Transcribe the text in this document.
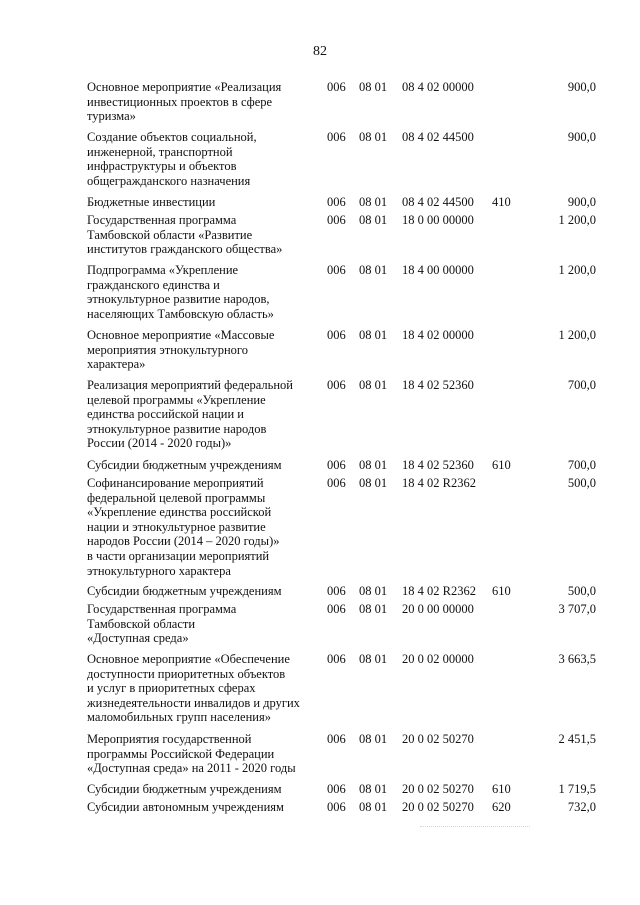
82
Основное мероприятие «Реализация
инвестиционных проектов в сфере
туризма»
006 08 01 08 4 02 00000	900,0
Создание объектов социальной,
инженерной, транспортной
инфраструктуры и объектов
общегражданского назначения
006 08 01 08 4 02 44500	900,0
Бюджетные инвестиции	006 08 01 08 4 02 44500 410	900,0
Государственная программа
Тамбовской области «Развитие
институтов гражданского общества»
006 08 01 18 0 00 00000	1 200,0
Подпрограмма «Укрепление
гражданского единства и
этнокультурное развитие народов,
населяющих Тамбовскую область»
006 08 01 18 4 00 00000	1 200,0
Основное мероприятие «Массовые
мероприятия этнокультурного
характера»
006 08 01 18 4 02 00000	1 200,0
Реализация мероприятий федеральной
целевой программы «Укрепление
единства российской нации и
этнокультурное развитие народов
России (2014 - 2020 годы)»
006 08 01 18 4 02 52360	700,0
Субсидии бюджетным учреждениям	006 08 01 18 4 02 52360 610	700,0
Софинансирование мероприятий
федеральной целевой программы
«Укрепление единства российской
нации и этнокультурное развитие
народов России (2014 – 2020 годы)»
в части организации мероприятий
этнокультурного характера
006 08 01 18 4 02 R2362	500,0
Субсидии бюджетным учреждениям	006 08 01 18 4 02 R2362 610	500,0
Государственная программа
Тамбовской области
«Доступная среда»
006 08 01 20 0 00 00000	3 707,0
Основное мероприятие «Обеспечение
доступности приоритетных объектов
и услуг в приоритетных сферах
жизнедеятельности инвалидов и других
маломобильных групп населения»
006 08 01 20 0 02 00000	3 663,5
Мероприятия государственной
программы Российской Федерации
«Доступная среда» на 2011 - 2020 годы
006 08 01 20 0 02 50270	2 451,5
Субсидии бюджетным учреждениям	006 08 01 20 0 02 50270 610	1 719,5
Субсидии автономным учреждениям	006 08 01 20 0 02 50270 620	732,0
